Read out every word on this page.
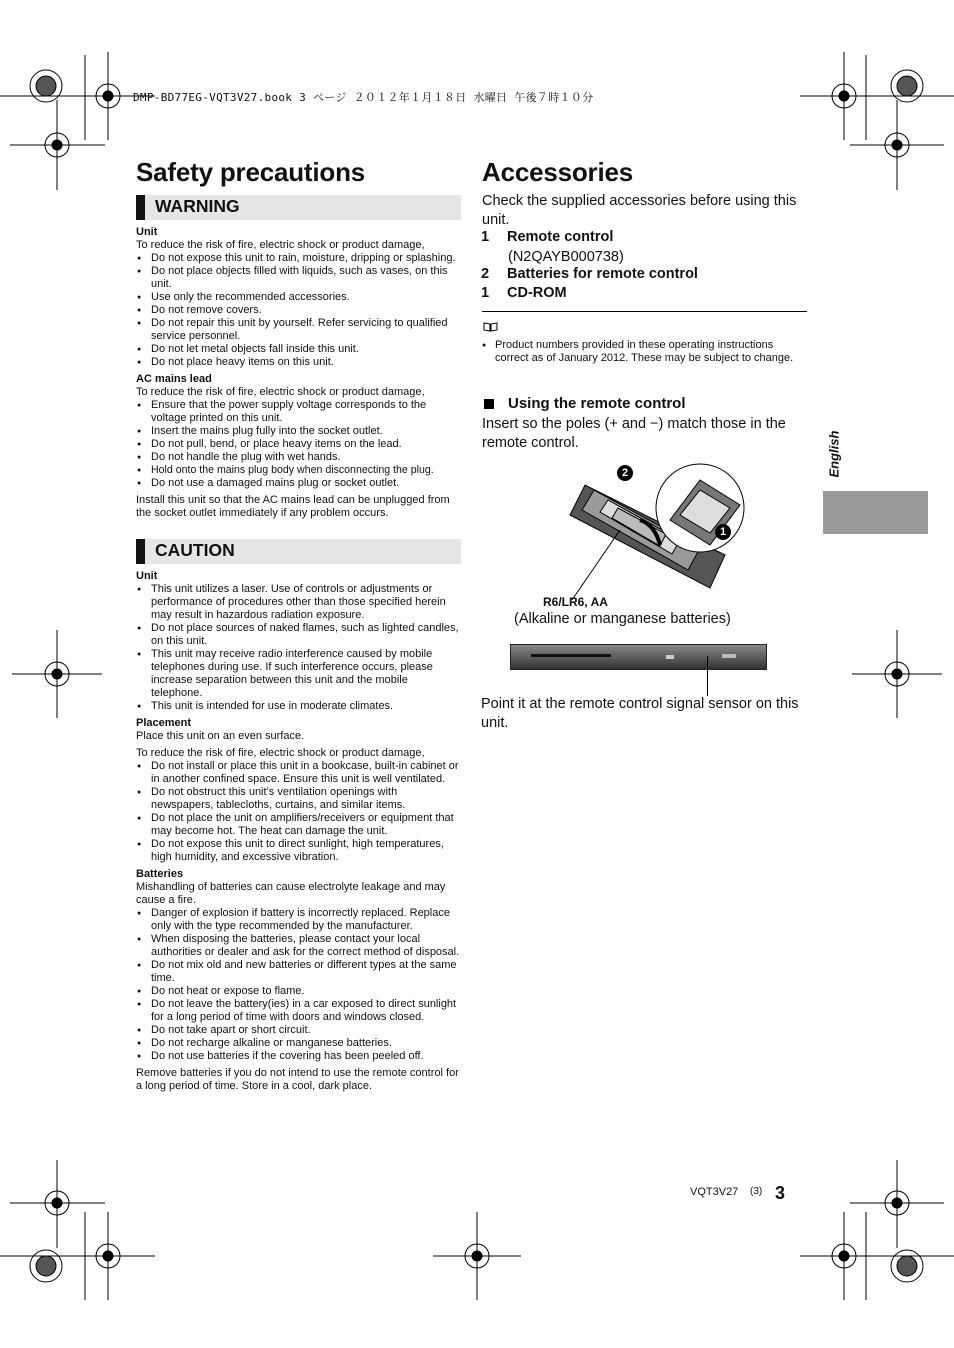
DMP-BD77EG-VQT3V27.book 3 ページ ２０１２年１月１８日 水曜日 午後７時１０分
Safety precautions
WARNING

Unit

To reduce the risk of fire, electric shock or product damage,

● Do not expose this unit to rain, moisture, dripping or splashing.
● Do not place objects filled with liquids, such as vases, on this unit.
● Use only the recommended accessories.
● Do not remove covers.
● Do not repair this unit by yourself. Refer servicing to qualified service personnel.
● Do not let metal objects fall inside this unit.
● Do not place heavy items on this unit.

AC mains lead

To reduce the risk of fire, electric shock or product damage,

● Ensure that the power supply voltage corresponds to the voltage printed on this unit.
● Insert the mains plug fully into the socket outlet.
● Do not pull, bend, or place heavy items on the lead.
● Do not handle the plug with wet hands.
● Hold onto the mains plug body when disconnecting the plug.
● Do not use a damaged mains plug or socket outlet.

Install this unit so that the AC mains lead can be unplugged from the socket outlet immediately if any problem occurs.

CAUTION

Unit

● This unit utilizes a laser. Use of controls or adjustments or performance of procedures other than those specified herein may result in hazardous radiation exposure.
● Do not place sources of naked flames, such as lighted candles, on this unit.
● This unit may receive radio interference caused by mobile telephones during use. If such interference occurs, please increase separation between this unit and the mobile telephone.
● This unit is intended for use in moderate climates.

Placement

Place this unit on an even surface.

To reduce the risk of fire, electric shock or product damage,

● Do not install or place this unit in a bookcase, built-in cabinet or in another confined space. Ensure this unit is well ventilated.
● Do not obstruct this unit’s ventilation openings with newspapers, tablecloths, curtains, and similar items.
● Do not place the unit on amplifiers/receivers or equipment that may become hot. The heat can damage the unit.
● Do not expose this unit to direct sunlight, high temperatures, high humidity, and excessive vibration.

Batteries

Mishandling of batteries can cause electrolyte leakage and may cause a fire.

● Danger of explosion if battery is incorrectly replaced. Replace only with the type recommended by the manufacturer.
● When disposing the batteries, please contact your local authorities or dealer and ask for the correct method of disposal.
● Do not mix old and new batteries or different types at the same time.
● Do not heat or expose to flame.
● Do not leave the battery(ies) in a car exposed to direct sunlight for a long period of time with doors and windows closed.
● Do not take apart or short circuit.
● Do not recharge alkaline or manganese batteries.
● Do not use batteries if the covering has been peeled off.

Remove batteries if you do not intend to use the remote control for a long period of time. Store in a cool, dark place.

Accessories
Check the supplied accessories before using this unit.
1 Remote control
(N2QAYB000738)
2 Batteries for remote control
1 CD-ROM
● Product numbers provided in these operating instructions correct as of January 2012. These may be subject to change.
Using the remote control
Insert so the poles (+ and −) match those in the remote control.
2
1
R6/LR6, AA
(Alkaline or manganese batteries)
Point it at the remote control signal sensor on this unit.
English
VQT3V27 (3) 3
